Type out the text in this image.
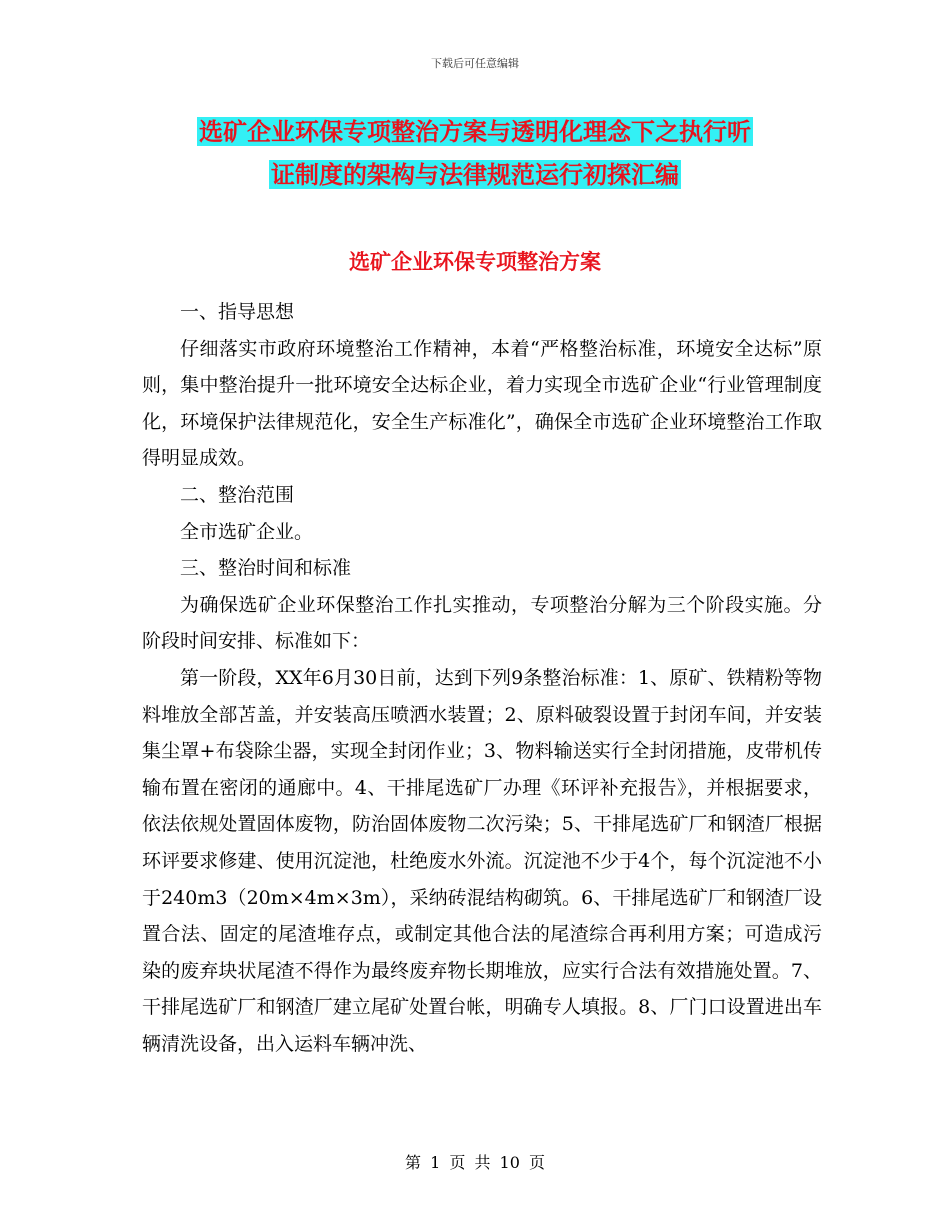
下载后可任意编辑
选矿企业环保专项整治方案与透明化理念下之执行听
证制度的架构与法律规范运行初探汇编
选矿企业环保专项整治方案

一、指导思想

仔细落实市政府环境整治工作精神，本着“严格整治标准，环境安全达标”原则，集中整治提升一批环境安全达标企业，着力实现全市选矿企业“行业管理制度化，环境保护法律规范化，安全生产标准化”，确保全市选矿企业环境整治工作取得明显成效。

二、整治范围

全市选矿企业。

三、整治时间和标准

为确保选矿企业环保整治工作扎实推动，专项整治分解为三个阶段实施。分阶段时间安排、标准如下：

第一阶段，XX年6月30日前，达到下列9条整治标准：1、原矿、铁精粉等物料堆放全部苫盖，并安装高压喷洒水装置；2、原料破裂设置于封闭车间，并安装集尘罩+布袋除尘器，实现全封闭作业；3、物料输送实行全封闭措施，皮带机传输布置在密闭的通廊中。4、干排尾选矿厂办理《环评补充报告》，并根据要求，依法依规处置固体废物，防治固体废物二次污染；5、干排尾选矿厂和钢渣厂根据环评要求修建、使用沉淀池，杜绝废水外流。沉淀池不少于4个，每个沉淀池不小于240m3（20m×4m×3m），采纳砖混结构砌筑。6、干排尾选矿厂和钢渣厂设置合法、固定的尾渣堆存点，或制定其他合法的尾渣综合再利用方案；可造成污染的废弃块状尾渣不得作为最终废弃物长期堆放，应实行合法有效措施处置。7、干排尾选矿厂和钢渣厂建立尾矿处置台帐，明确专人填报。8、厂门口设置进出车辆清洗设备，出入运料车辆冲洗、

第 1 页 共 10 页
